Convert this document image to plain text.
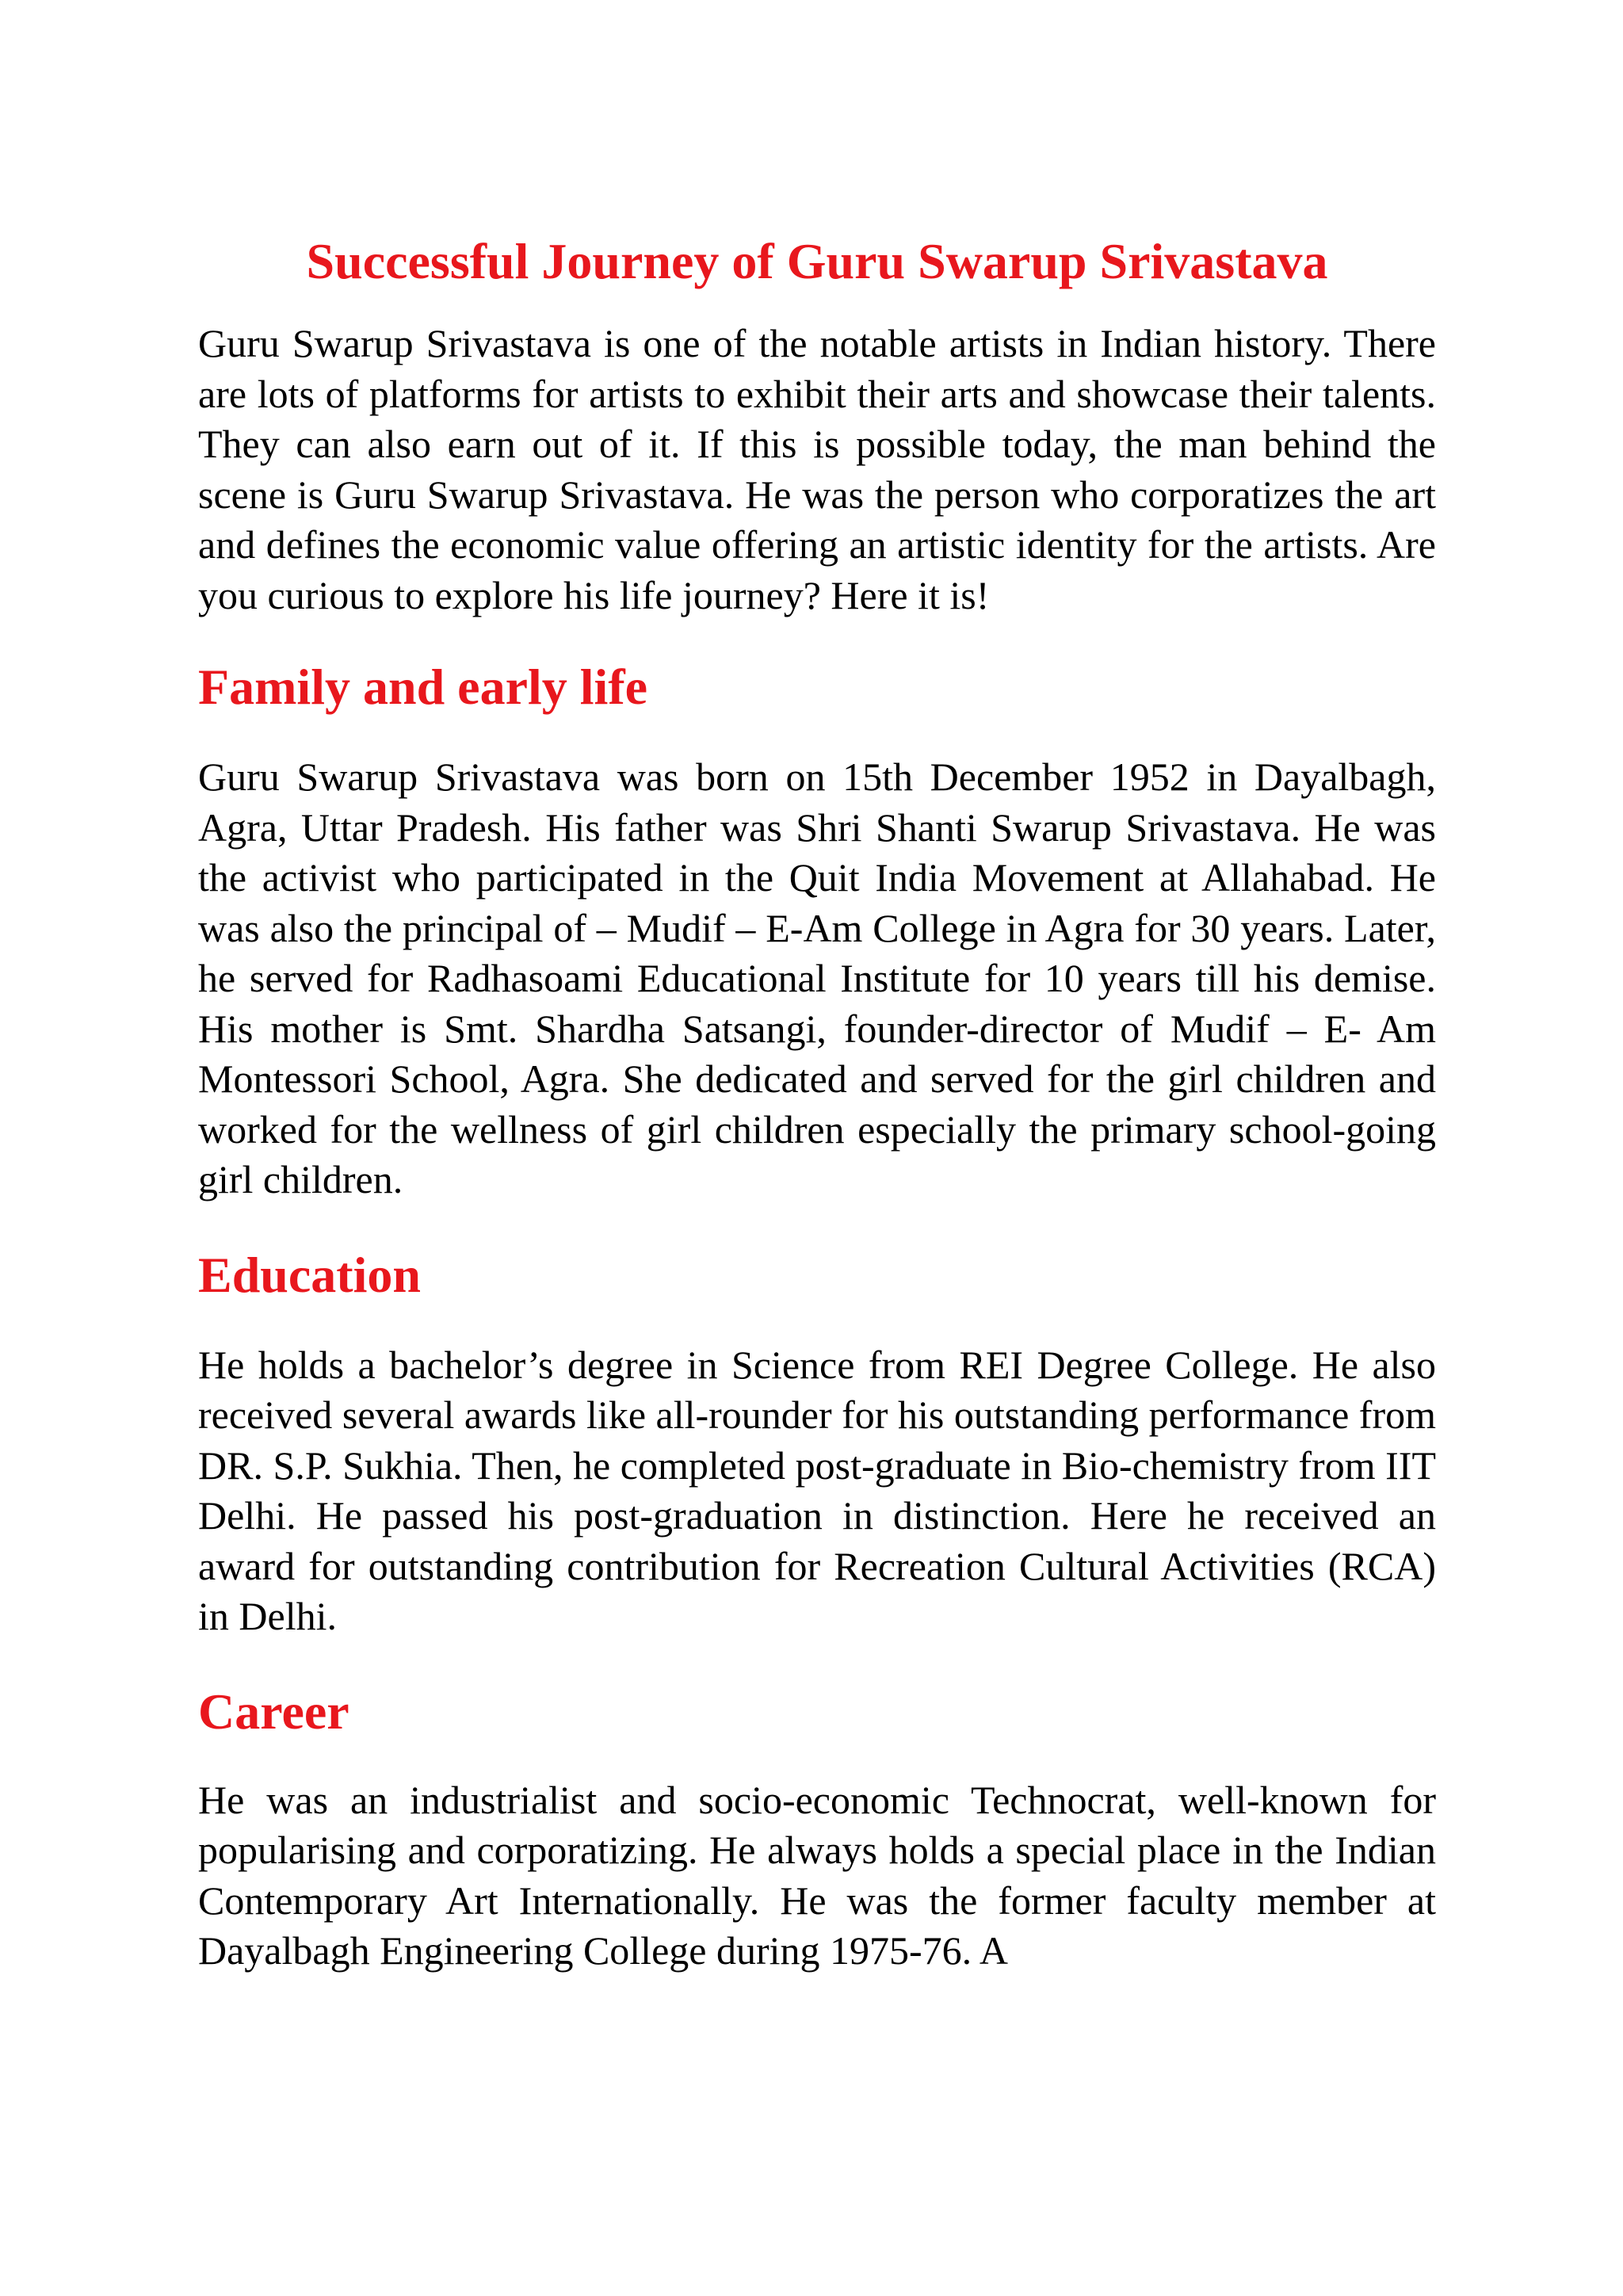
Successful Journey of Guru Swarup Srivastava

Guru Swarup Srivastava is one of the notable artists in Indian history. There are lots of platforms for artists to exhibit their arts and showcase their talents. They can also earn out of it. If this is possible today, the man behind the scene is Guru Swarup Srivastava. He was the person who corporatizes the art and defines the economic value offering an artistic identity for the artists. Are you curious to explore his life journey? Here it is!

Family and early life

Guru Swarup Srivastava was born on 15th December 1952 in Dayalbagh, Agra, Uttar Pradesh. His father was Shri Shanti Swarup Srivastava. He was the activist who participated in the Quit India Movement at Allahabad. He was also the principal of – Mudif – E-Am College in Agra for 30 years. Later, he served for Radhasoami Educational Institute for 10 years till his demise. His mother is Smt. Shardha Satsangi, founder-director of Mudif – E- Am Montessori School, Agra. She dedicated and served for the girl children and worked for the wellness of girl children especially the primary school-going girl children.

Education

He holds a bachelor’s degree in Science from REI Degree College. He also received several awards like all-rounder for his outstanding performance from DR. S.P. Sukhia. Then, he completed post-graduate in Bio-chemistry from IIT Delhi. He passed his post-graduation in distinction. Here he received an award for outstanding contribution for Recreation Cultural Activities (RCA) in Delhi.

Career

He was an industrialist and socio-economic Technocrat, well-known for popularising and corporatizing. He always holds a special place in the Indian Contemporary Art Internationally. He was the former faculty member at Dayalbagh Engineering College during 1975-76. A
